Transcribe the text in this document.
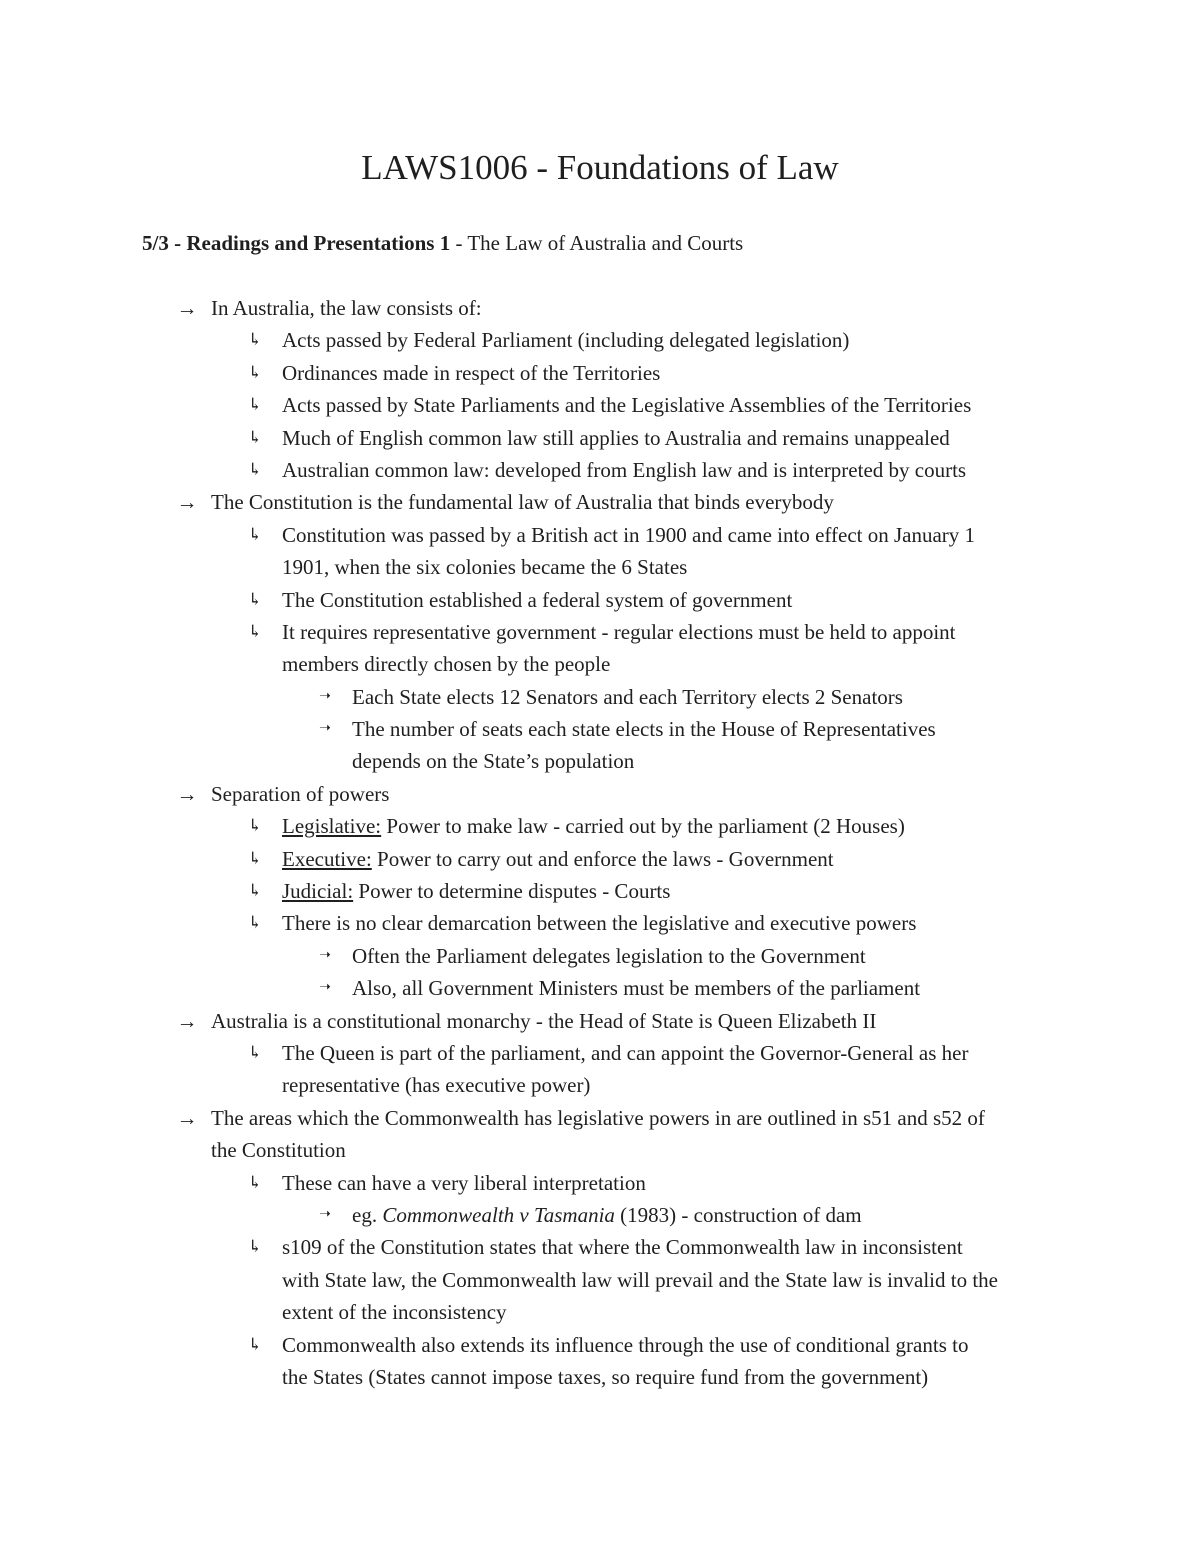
LAWS1006 - Foundations of Law
5/3 - Readings and Presentations 1 - The Law of Australia and Courts
→ In Australia, the law consists of:
↳ Acts passed by Federal Parliament (including delegated legislation)
↳ Ordinances made in respect of the Territories
↳ Acts passed by State Parliaments and the Legislative Assemblies of the Territories
↳ Much of English common law still applies to Australia and remains unappealed
↳ Australian common law: developed from English law and is interpreted by courts
→ The Constitution is the fundamental law of Australia that binds everybody
↳ Constitution was passed by a British act in 1900 and came into effect on January 1
1901, when the six colonies became the 6 States
↳ The Constitution established a federal system of government
↳ It requires representative government - regular elections must be held to appoint
members directly chosen by the people
➝	Each State elects 12 Senators and each Territory elects 2 Senators
➝	The number of seats each state elects in the House of Representatives
depends on the State’s population
→ Separation of powers
↳ Legislative: Power to make law - carried out by the parliament (2 Houses)
↳ Executive: Power to carry out and enforce the laws - Government
↳ Judicial: Power to determine disputes - Courts
↳ There is no clear demarcation between the legislative and executive powers
➝	Often the Parliament delegates legislation to the Government
➝	Also, all Government Ministers must be members of the parliament
→ Australia is a constitutional monarchy - the Head of State is Queen Elizabeth II
↳ The Queen is part of the parliament, and can appoint the Governor-General as her
representative (has executive power)
→ The areas which the Commonwealth has legislative powers in are outlined in s51 and s52 of
the Constitution
↳ These can have a very liberal interpretation
➝	eg. Commonwealth v Tasmania (1983) - construction of dam
↳ s109 of the Constitution states that where the Commonwealth law in inconsistent
with State law, the Commonwealth law will prevail and the State law is invalid to the
extent of the inconsistency
↳ Commonwealth also extends its influence through the use of conditional grants to
the States (States cannot impose taxes, so require fund from the government)
